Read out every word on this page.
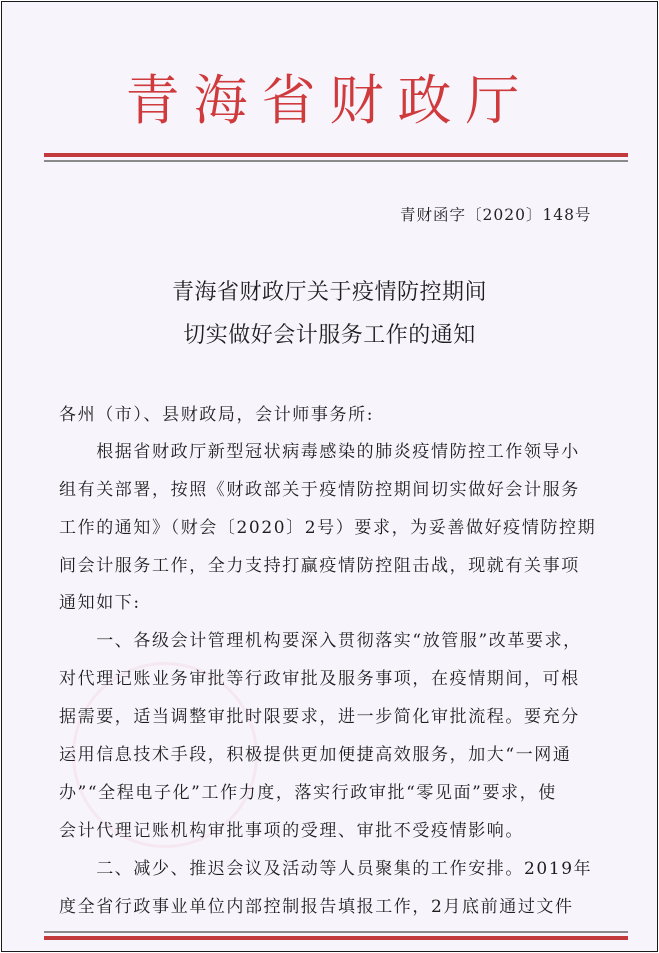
青海省财政厅
青财函字〔2020〕148号
青海省财政厅关于疫情防控期间
切实做好会计服务工作的通知
各州（市）、县财政局，会计师事务所:
　　根据省财政厅新型冠状病毒感染的肺炎疫情防控工作领导小
组有关部署，按照《财政部关于疫情防控期间切实做好会计服务
工作的通知》（财会〔2020〕2号）要求，为妥善做好疫情防控期
间会计服务工作，全力支持打赢疫情防控阻击战，现就有关事项
通知如下:
　　一、各级会计管理机构要深入贯彻落实“放管服”改革要求，
对代理记账业务审批等行政审批及服务事项，在疫情期间，可根
据需要，适当调整审批时限要求，进一步简化审批流程。要充分
运用信息技术手段，积极提供更加便捷高效服务，加大“一网通
办”“全程电子化”工作力度，落实行政审批“零见面”要求，使
会计代理记账机构审批事项的受理、审批不受疫情影响。
　　二、减少、推迟会议及活动等人员聚集的工作安排。2019年
度全省行政事业单位内部控制报告填报工作，2月底前通过文件
